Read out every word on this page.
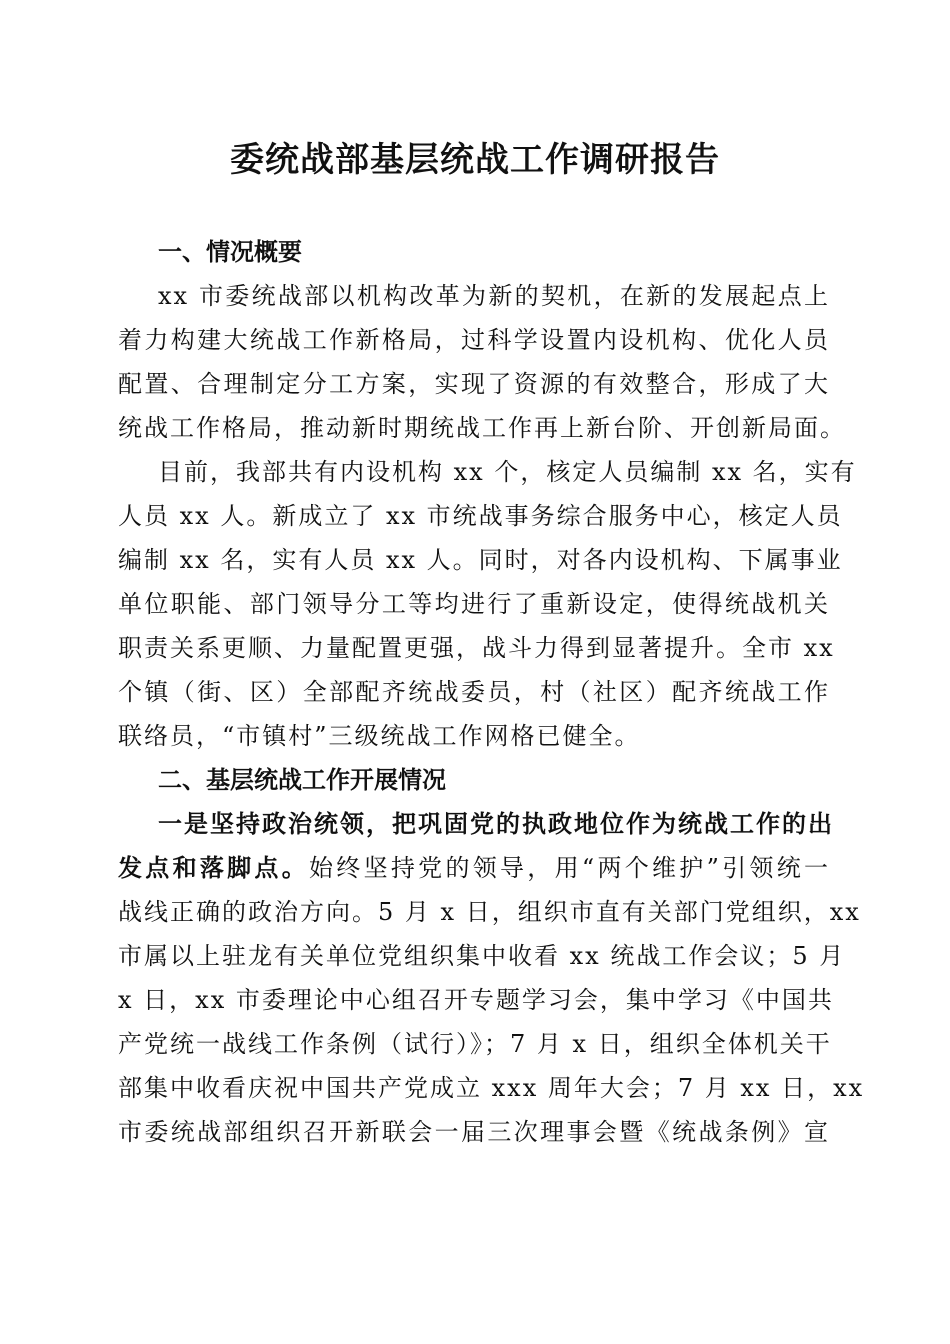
委统战部基层统战工作调研报告
一、情况概要
xx 市委统战部以机构改革为新的契机，在新的发展起点上
着力构建大统战工作新格局，过科学设置内设机构、优化人员
配置、合理制定分工方案，实现了资源的有效整合，形成了大
统战工作格局，推动新时期统战工作再上新台阶、开创新局面。
目前，我部共有内设机构 xx 个，核定人员编制 xx 名，实有
人员 xx 人。新成立了 xx 市统战事务综合服务中心，核定人员
编制 xx 名，实有人员 xx 人。同时，对各内设机构、下属事业
单位职能、部门领导分工等均进行了重新设定，使得统战机关
职责关系更顺、力量配置更强，战斗力得到显著提升。全市 xx
个镇（街、区）全部配齐统战委员，村（社区）配齐统战工作
联络员，“市镇村”三级统战工作网格已健全。
二、基层统战工作开展情况
一是坚持政治统领，把巩固党的执政地位作为统战工作的出
发点和落脚点。始终坚持党的领导，用“两个维护”引领统一
战线正确的政治方向。5 月 x 日，组织市直有关部门党组织，xx
市属以上驻龙有关单位党组织集中收看 xx 统战工作会议；5 月
x 日，xx 市委理论中心组召开专题学习会，集中学习《中国共
产党统一战线工作条例（试行）》；7 月 x 日，组织全体机关干
部集中收看庆祝中国共产党成立 xxx 周年大会；7 月 xx 日，xx
市委统战部组织召开新联会一届三次理事会暨《统战条例》宣
